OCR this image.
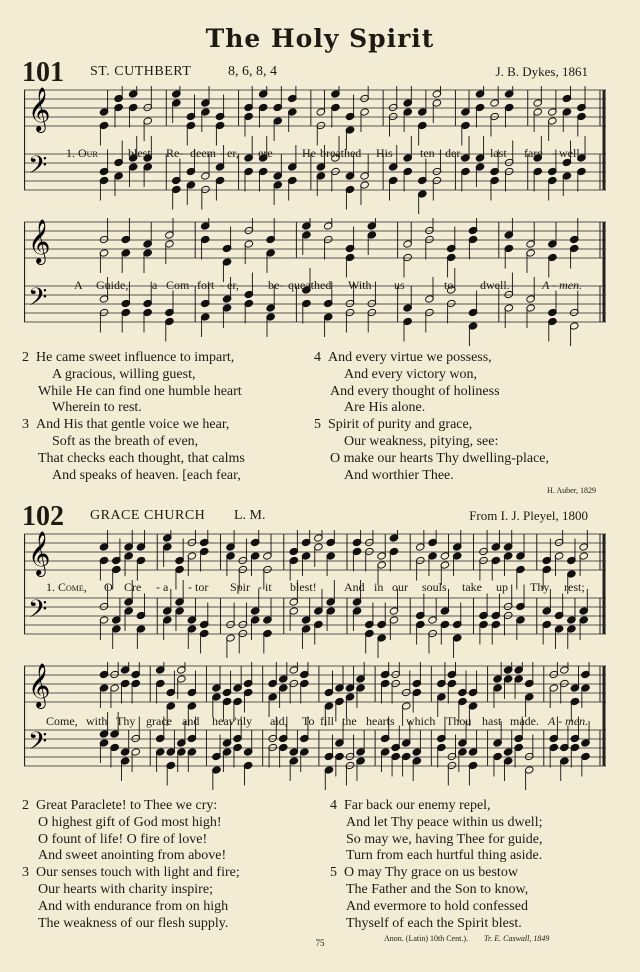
The Holy Spirit
101 ST. CUTHBERT	8, 6, 8, 4	J. B. Dykes, 1861
𝄞
𝄢 1. Our	blest Re- deem - er, ere He breathed His ten - der, last fare - well,
𝄞
𝄢 A Guide, a Com - fort - er, be- queathed With us	to dwell.	A - men.
2 He came sweet influence to impart,
A gracious, willing guest,
While He can find one humble heart
Wherein to rest.
3 And His that gentle voice we hear,
Soft as the breath of even,
That checks each thought, that calms
And speaks of heaven. [each fear,
4 And every virtue we possess,
And every victory won,
And every thought of holiness
Are His alone.
5 Spirit of purity and grace,
Our weakness, pitying, see:
O make our hearts Thy dwelling-place,
And worthier Thee.
H. Auber, 1829
102 GRACE CHURCH L. M.	From I. J. Pleyel, 1800
𝄞
𝄢
1. Come, O Cre - a - tor Spir - it blest! And in our souls take up Thy rest;
𝄞
𝄢
Come, with Thy grace and heav'nly aid, To fill the hearts which Thou hast made. A - men.
2 Great Paraclete! to Thee we cry:
O highest gift of God most high!
O fount of life! O fire of love!
And sweet anointing from above!
3 Our senses touch with light and fire;
Our hearts with charity inspire;
And with endurance from on high
The weakness of our flesh supply.
4 Far back our enemy repel,
And let Thy peace within us dwell;
So may we, having Thee for guide,
Turn from each hurtful thing aside.
5 O may Thy grace on us bestow
The Father and the Son to know,
And evermore to hold confessed
Thyself of each the Spirit blest.
Anon. (Latin) 10th Cent.). Tr. E. Caswall, 1849
75
